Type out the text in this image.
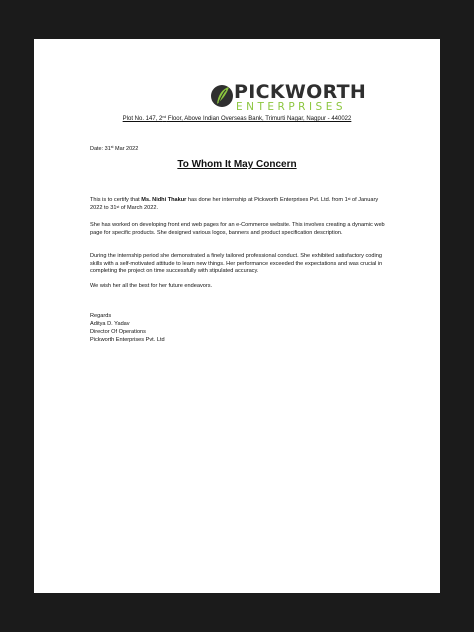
PICKWORTH
ENTERPRISES
Plot No. 147, 2nd Floor, Above Indian Overseas Bank, Trimurti Nagar, Nagpur - 440022
Date: 31st Mar 2022
To Whom It May Concern
This is to certify that Ms. Nidhi Thakur has done her internship at Pickworth Enterprises Pvt. Ltd. from 1st of January 2022 to 31st of March 2022.
She has worked on developing front end web pages for an e-Commerce website. This involves creating a dynamic web page for specific products. She designed various logos, banners and product specification description.
During the internship period she demonstrated a finely tailored professional conduct. She exhibited satisfactory coding skills with a self-motivated attitude to learn new things. Her performance exceeded the expectations and was crucial in completing the project on time successfully with stipulated accuracy.
We wish her all the best for her future endeavors.
Regards
Aditya D. Yadav
Director Of Operations
Pickworth Enterprises Pvt. Ltd
